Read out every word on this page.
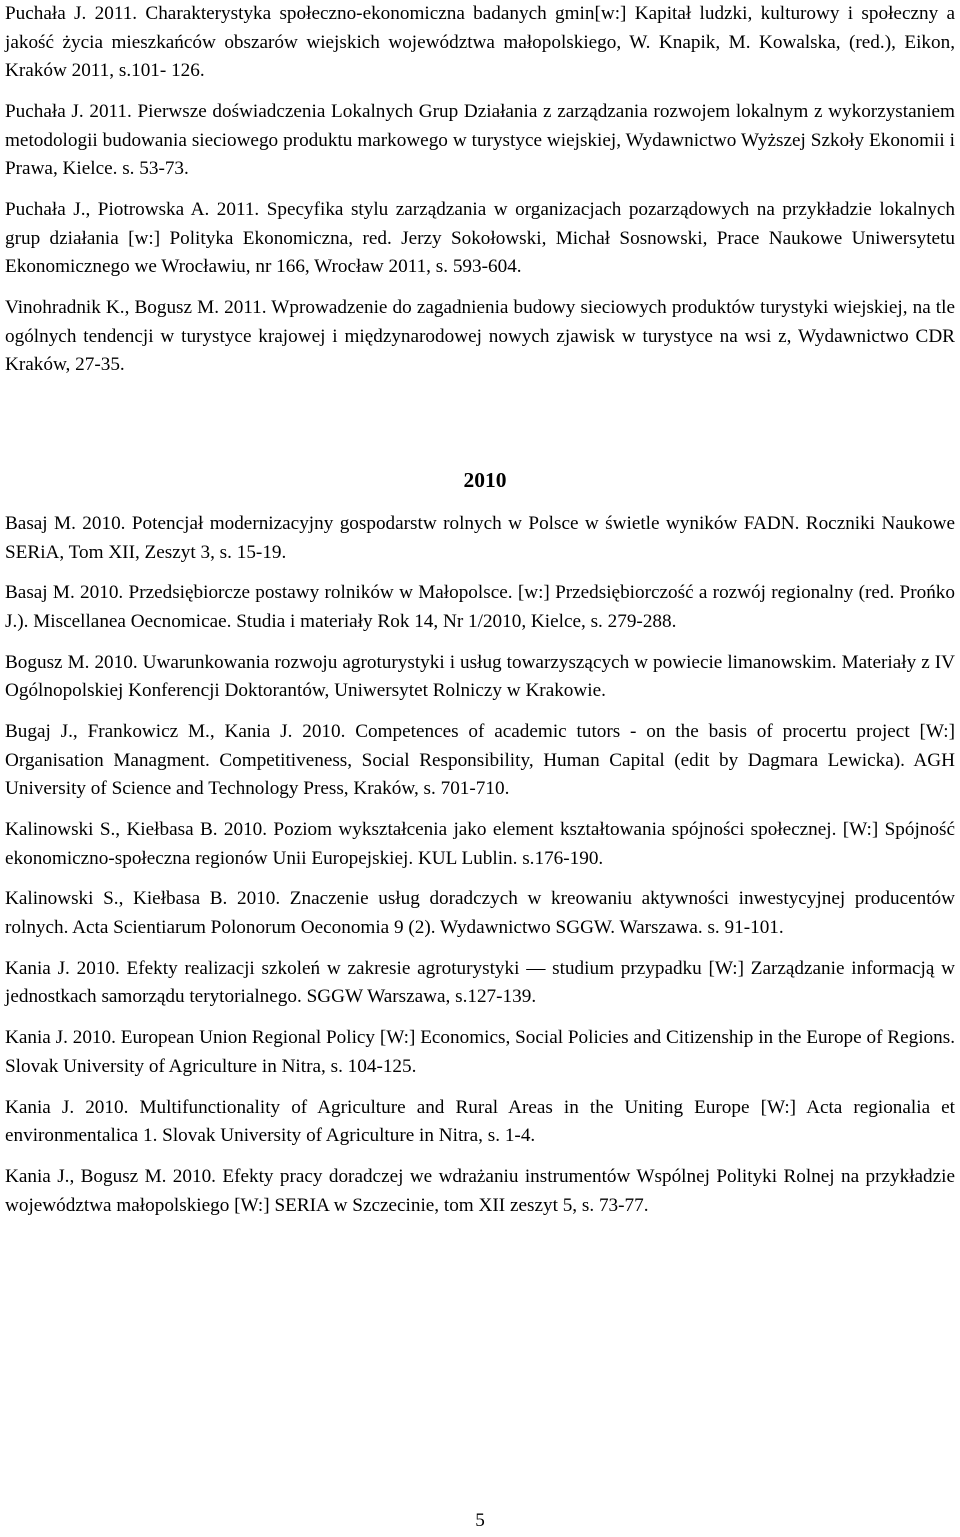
Puchała J. 2011. Charakterystyka społeczno-ekonomiczna badanych gmin[w:] Kapitał ludzki, kulturowy i społeczny a jakość życia mieszkańców obszarów wiejskich województwa małopolskiego, W. Knapik, M. Kowalska, (red.), Eikon, Kraków 2011, s.101- 126.

Puchała J. 2011. Pierwsze doświadczenia Lokalnych Grup Działania z zarządzania rozwojem lokalnym z wykorzystaniem metodologii budowania sieciowego produktu markowego w turystyce wiejskiej, Wydawnictwo Wyższej Szkoły Ekonomii i Prawa, Kielce. s. 53-73.

Puchała J., Piotrowska A. 2011. Specyfika stylu zarządzania w organizacjach pozarządowych na przykładzie lokalnych grup działania [w:] Polityka Ekonomiczna, red. Jerzy Sokołowski, Michał Sosnowski, Prace Naukowe Uniwersytetu Ekonomicznego we Wrocławiu, nr 166, Wrocław 2011, s. 593-604.

Vinohradnik K., Bogusz M. 2011. Wprowadzenie do zagadnienia budowy sieciowych produktów turystyki wiejskiej, na tle ogólnych tendencji w turystyce krajowej i międzynarodowej nowych zjawisk w turystyce na wsi z, Wydawnictwo CDR Kraków, 27-35.

2010

Basaj M. 2010. Potencjał modernizacyjny gospodarstw rolnych w Polsce w świetle wyników FADN. Roczniki Naukowe SERiA, Tom XII, Zeszyt 3, s. 15-19.

Basaj M. 2010. Przedsiębiorcze postawy rolników w Małopolsce. [w:] Przedsiębiorczość a rozwój regionalny (red. Prońko J.). Miscellanea Oecnomicae. Studia i materiały Rok 14, Nr 1/2010, Kielce, s. 279-288.

Bogusz M. 2010. Uwarunkowania rozwoju agroturystyki i usług towarzyszących w powiecie limanowskim. Materiały z IV Ogólnopolskiej Konferencji Doktorantów, Uniwersytet Rolniczy w Krakowie.

Bugaj J., Frankowicz M., Kania J. 2010. Competences of academic tutors - on the basis of procertu project [W:] Organisation Managment. Competitiveness, Social Responsibility, Human Capital (edit by Dagmara Lewicka). AGH University of Science and Technology Press, Kraków, s. 701-710.

Kalinowski S., Kiełbasa B. 2010. Poziom wykształcenia jako element kształtowania spójności społecznej. [W:] Spójność ekonomiczno-społeczna regionów Unii Europejskiej. KUL Lublin. s.176-190.

Kalinowski S., Kiełbasa B. 2010. Znaczenie usług doradczych w kreowaniu aktywności inwestycyjnej producentów rolnych. Acta Scientiarum Polonorum Oeconomia 9 (2). Wydawnictwo SGGW. Warszawa. s. 91-101.

Kania J. 2010. Efekty realizacji szkoleń w zakresie agroturystyki — studium przypadku [W:] Zarządzanie informacją w jednostkach samorządu terytorialnego. SGGW Warszawa, s.127-139.

Kania J. 2010. European Union Regional Policy [W:] Economics, Social Policies and Citizenship in the Europe of Regions. Slovak University of Agriculture in Nitra, s. 104-125.

Kania J. 2010. Multifunctionality of Agriculture and Rural Areas in the Uniting Europe [W:] Acta regionalia et environmentalica 1. Slovak University of Agriculture in Nitra, s. 1-4.

Kania J., Bogusz M. 2010. Efekty pracy doradczej we wdrażaniu instrumentów Wspólnej Polityki Rolnej na przykładzie województwa małopolskiego [W:] SERIA w Szczecinie, tom XII zeszyt 5, s. 73-77.

5
